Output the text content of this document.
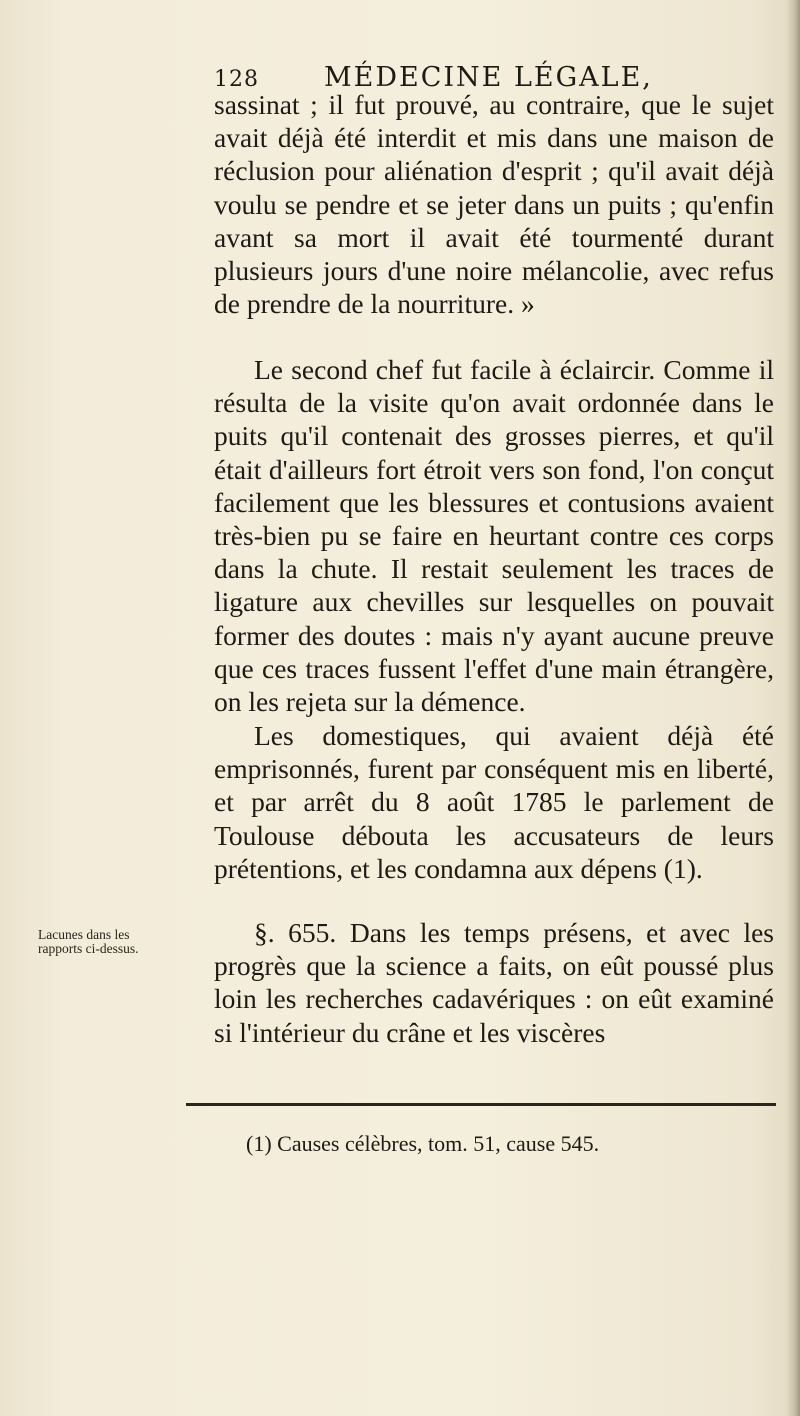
128 MÉDECINE LÉGALE,

sassinat ; il fut prouvé, au contraire, que le sujet avait déjà été interdit et mis dans une maison de réclusion pour aliénation d'esprit ; qu'il avait déjà voulu se pendre et se jeter dans un puits ; qu'enfin avant sa mort il avait été tourmenté durant plusieurs jours d'une noire mélancolie, avec refus de prendre de la nourriture. »

Le second chef fut facile à éclaircir. Comme il résulta de la visite qu'on avait ordonnée dans le puits qu'il contenait des grosses pierres, et qu'il était d'ailleurs fort étroit vers son fond, l'on conçut facilement que les blessures et contusions avaient très-bien pu se faire en heurtant contre ces corps dans la chute. Il restait seulement les traces de ligature aux chevilles sur lesquelles on pouvait former des doutes : mais n'y ayant aucune preuve que ces traces fussent l'effet d'une main étrangère, on les rejeta sur la démence.

Les domestiques, qui avaient déjà été emprisonnés, furent par conséquent mis en liberté, et par arrêt du 8 août 1785 le parlement de Toulouse débouta les accusateurs de leurs prétentions, et les condamna aux dépens (1).

Lacunes dans les rapports ci-dessus.

§. 655. Dans les temps présens, et avec les progrès que la science a faits, on eût poussé plus loin les recherches cadavériques : on eût examiné si l'intérieur du crâne et les viscères

(1) Causes célèbres, tom. 51, cause 545.
